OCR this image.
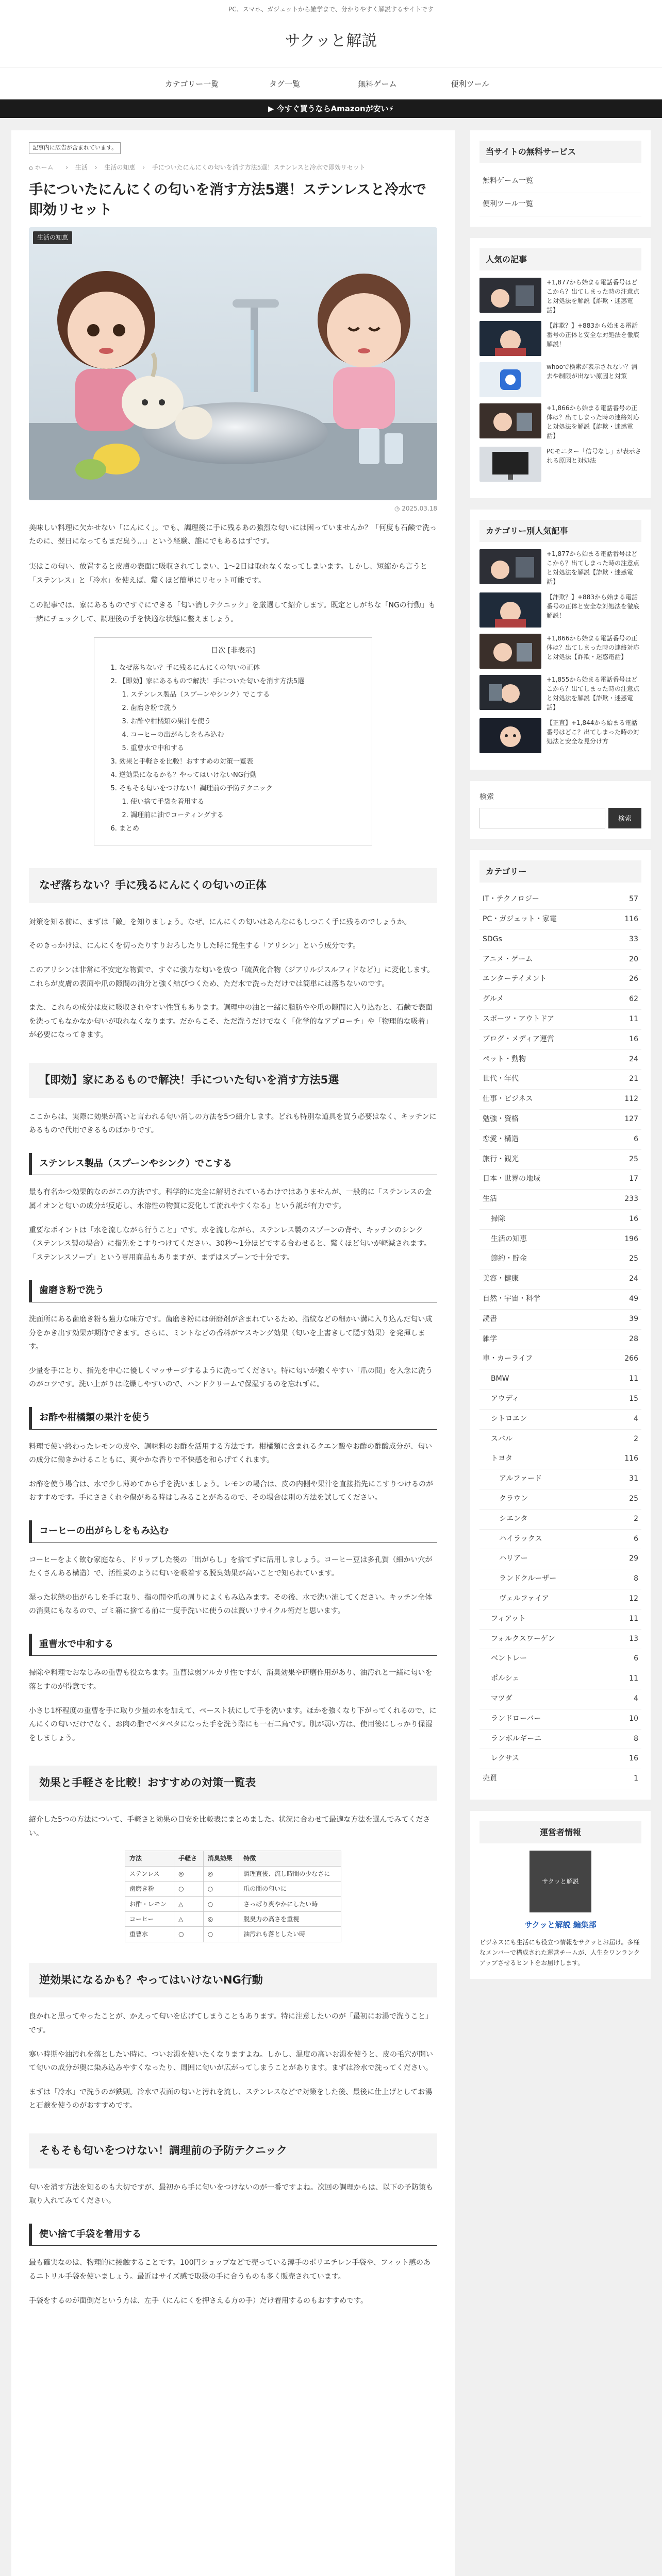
PC、スマホ、ガジェットから雑学まで、分かりやすく解説するサイトです
サクッと解説
カテゴリー一覧	タグ一覧	無料ゲーム	便利ツール
▶ 今すぐ買うならAmazonが安い⚡
記事内に広告が含まれています。
⌂ ホーム › 生活 › 生活の知恵 › 手についたにんにくの匂いを消す方法5選！ステンレスと冷水で即効リセット
手についたにんにくの匂いを消す方法5選！ステンレスと冷水で即効リセット
生活の知恵
◷ 2025.03.18

美味しい料理に欠かせない「にんにく」。でも、調理後に手に残るあの強烈な匂いには困っていませんか？「何度も石鹸で洗ったのに、翌日になってもまだ臭う…」という経験、誰にでもあるはずです。

実はこの匂い、放置すると皮膚の表面に吸収されてしまい、1～2日は取れなくなってしまいます。しかし、短縮から言うと「ステンレス」と「冷水」を使えば、驚くほど簡単にリセット可能です。

この記事では、家にあるものですぐにできる「匂い消しテクニック」を厳選して紹介します。既定としがちな「NGの行動」も一緒にチェックして、調理後の手を快適な状態に整えましょう。

目次 [非表示]
1. なぜ落ちない？手に残るにんにくの匂いの正体
2. 【即効】家にあるもので解決！手についた匂いを消す方法5選
1. ステンレス製品（スプーンやシンク）でこする
2. 歯磨き粉で洗う
3. お酢や柑橘類の果汁を使う
4. コーヒーの出がらしをもみ込む
5. 重曹水で中和する
3. 効果と手軽さを比較！おすすめの対策一覧表
4. 逆効果になるかも？やってはいけないNG行動
5. そもそも匂いをつけない！調理前の予防テクニック
1. 使い捨て手袋を着用する
2. 調理前に油でコーティングする
6. まとめ
なぜ落ちない？手に残るにんにくの匂いの正体

対策を知る前に、まずは「敵」を知りましょう。なぜ、にんにくの匂いはあんなにもしつこく手に残るのでしょうか。

そのきっかけは、にんにくを切ったりすりおろしたりした時に発生する「アリシン」という成分です。

このアリシンは非常に不安定な物質で、すぐに強力な匂いを放つ「硫黄化合物（ジアリルジスルフィドなど）」に変化します。これらが皮膚の表面や爪の隙間の油分と強く結びつくため、ただ水で洗っただけでは簡単には落ちないのです。

また、これらの成分は皮に吸収されやすい性質もあります。調理中の油と一緒に脂肪やや爪の隙間に入り込むと、石鹸で表面を洗ってもなかなか匂いが取れなくなります。だからこそ、ただ洗うだけでなく「化学的なアプローチ」や「物理的な吸着」が必要になってきます。

【即効】家にあるもので解決！手についた匂いを消す方法5選

ここからは、実際に効果が高いと言われる匂い消しの方法を5つ紹介します。どれも特別な道具を買う必要はなく、キッチンにあるもので代用できるものばかりです。

ステンレス製品（スプーンやシンク）でこする

最も有名かつ効果的なのがこの方法です。科学的に完全に解明されているわけではありませんが、一般的に「ステンレスの金属イオンと匂いの成分が反応し、水溶性の物質に変化して流れやすくなる」という説が有力です。

重要なポイントは「水を流しながら行うこと」です。水を流しながら、ステンレス製のスプーンの背や、キッチンのシンク（ステンレス製の場合）に指先をこすりつけてください。30秒～1分ほどでする合わせると、驚くほど匂いが軽減されます。「ステンレスソープ」という専用商品もありますが、まずはスプーンで十分です。

歯磨き粉で洗う

洗面所にある歯磨き粉も強力な味方です。歯磨き粉には研磨剤が含まれているため、指紋などの細かい溝に入り込んだ匂い成分をかき出す効果が期待できます。さらに、ミントなどの香料がマスキング効果（匂いを上書きして隠す効果）を発揮します。

少量を手にとり、指先を中心に優しくマッサージするように洗ってください。特に匂いが強くやすい「爪の間」を入念に洗うのがコツです。洗い上がりは乾燥しやすいので、ハンドクリームで保湿するのを忘れずに。

お酢や柑橘類の果汁を使う

料理で使い終わったレモンの皮や、調味料のお酢を活用する方法です。柑橘類に含まれるクエン酸やお酢の酢酸成分が、匂いの成分に働きかけることもに、爽やかな香りで不快感を和らげてくれます。

お酢を使う場合は、水で少し薄めてから手を洗いましょう。レモンの場合は、皮の内側や果汁を直接指先にこすりつけるのがおすすめです。手にささくれや傷がある時はしみることがあるので、その場合は別の方法を試してください。

コーヒーの出がらしをもみ込む

コーヒーをよく飲む家庭なら、ドリップした後の「出がらし」を捨てずに活用しましょう。コーヒー豆は多孔質（細かい穴がたくさんある構造）で、活性炭のように匂いを吸着する脱臭効果が高いことで知られています。

湿った状態の出がらしを手に取り、指の間や爪の周りによくもみ込みます。その後、水で洗い流してください。キッチン全体の消臭にもなるので、ゴミ箱に捨てる前に一度手洗いに使うのは賢いリサイクル術だと思います。

重曹水で中和する

掃除や料理でおなじみの重曹も役立ちます。重曹は弱アルカリ性ですが、消臭効果や研磨作用があり、油汚れと一緒に匂いを落とすのが得意です。

小さじ1杯程度の重曹を手に取り少量の水を加えて、ペースト状にして手を洗います。ほかを強くなり下がってくれるので、にんにくの匂いだけでなく、お肉の脂でベタベタになった手を洗う際にも一石二鳥です。肌が弱い方は、使用後にしっかり保湿をしましょう。

効果と手軽さを比較！おすすめの対策一覧表

紹介した5つの方法について、手軽さと効果の目安を比較表にまとめました。状況に合わせて最適な方法を選んでみてください。

方法	手軽さ	消臭効果	特徴
ステンレス	◎	◎	調理直後、流し時間の少なさに
歯磨き粉	○	○	爪の間の匂いに
お酢・レモン	△	○	さっぱり爽やかにしたい時
コーヒー	△	◎	脱臭力の高さを重視
重曹水	○	○	油汚れも落としたい時
逆効果になるかも？やってはいけないNG行動

良かれと思ってやったことが、かえって匂いを広げてしまうこともあります。特に注意したいのが「最初にお湯で洗うこと」です。

寒い時期や油汚れを落としたい時に、ついお湯を使いたくなりますよね。しかし、温度の高いお湯を使うと、皮の毛穴が開いて匂いの成分が奥に染み込みやすくなったり、周囲に匂いが広がってしまうことがあります。まずは冷水で洗ってください。

まずは「冷水」で洗うのが鉄則。冷水で表面の匂いと汚れを流し、ステンレスなどで対策をした後、最後に仕上げとしてお湯と石鹸を使うのがおすすめです。

そもそも匂いをつけない！調理前の予防テクニック

匂いを消す方法を知るのも大切ですが、最初から手に匂いをつけないのが一番ですよね。次回の調理からは、以下の予防策も取り入れてみてください。

使い捨て手袋を着用する

最も確実なのは、物理的に接触することです。100円ショップなどで売っている薄手のポリエチレン手袋や、フィット感のあるニトリル手袋を使いましょう。最近はサイズ感で取扱の手に合うものも多く販売されています。

手袋をするのが面倒だという方は、左手（にんにくを押さえる方の手）だけ着用するのもおすすめです。

当サイトの無料サービス
無料ゲーム一覧
便利ツール一覧
人気の記事
+1,877から始まる電話番号はどこから？出てしまった時の注意点と対処法を解説【詐欺・迷惑電話】
【詐欺？】+883から始まる電話番号の正体と安全な対処法を徹底解説！
whooで検索が表示されない？消去や制限が出ない原因と対策
+1,866から始まる電話番号の正体は？出てしまった時の連絡対応と対処法を解説【詐欺・迷惑電話】
PCモニター「信号なし」が表示される原因と対処法
カテゴリー別人気記事
+1,877から始まる電話番号はどこから？出てしまった時の注意点と対処法を解説【詐欺・迷惑電話】
【詐欺？】+883から始まる電話番号の正体と安全な対処法を徹底解説！
+1,866から始まる電話番号の正体は？出てしまった時の連絡対応と対処法【詐欺・迷惑電話】
+1,855から始まる電話番号はどこから？出てしまった時の注意点と対処法を解説【詐欺・迷惑電話】
【正直】+1,844から始まる電話番号はどこ？出てしまった時の対処法と安全な見分け方
検索
検索
カテゴリー
IT・テクノロジー	57
PC・ガジェット・家電	116
SDGs	33
アニメ・ゲーム	20
エンターテイメント	26
グルメ	62
スポーツ・アウトドア	11
ブログ・メディア運営	16
ペット・動物	24
世代・年代	21
仕事・ビジネス	112
勉強・資格	127
恋愛・構造	6
旅行・観光	25
日本・世界の地域	17
生活	233
掃除	16
生活の知恵	196
節約・貯金	25
美容・健康	24
自然・宇宙・科学	49
読書	39
雑学	28
車・カーライフ	266
BMW	11
アウディ	15
シトロエン	4
スバル	2
トヨタ	116
アルファード	31
クラウン	25
シエンタ	2
ハイラックス	6
ハリアー	29
ランドクルーザー	8
ヴェルファイア	12
フィアット	11
フォルクスワーゲン	13
ベントレー	6
ポルシェ	11
マツダ	4
ランドローバー	10
ランボルギーニ	8
レクサス	16
売買	1
運営者情報
サクッと解説
サクッと解説 編集部
ビジネスにも生活にも役立つ情報をサクッとお届け。多様なメンバーで構成された運営チームが、人生をワンランクアップさせるヒントをお届けします。
